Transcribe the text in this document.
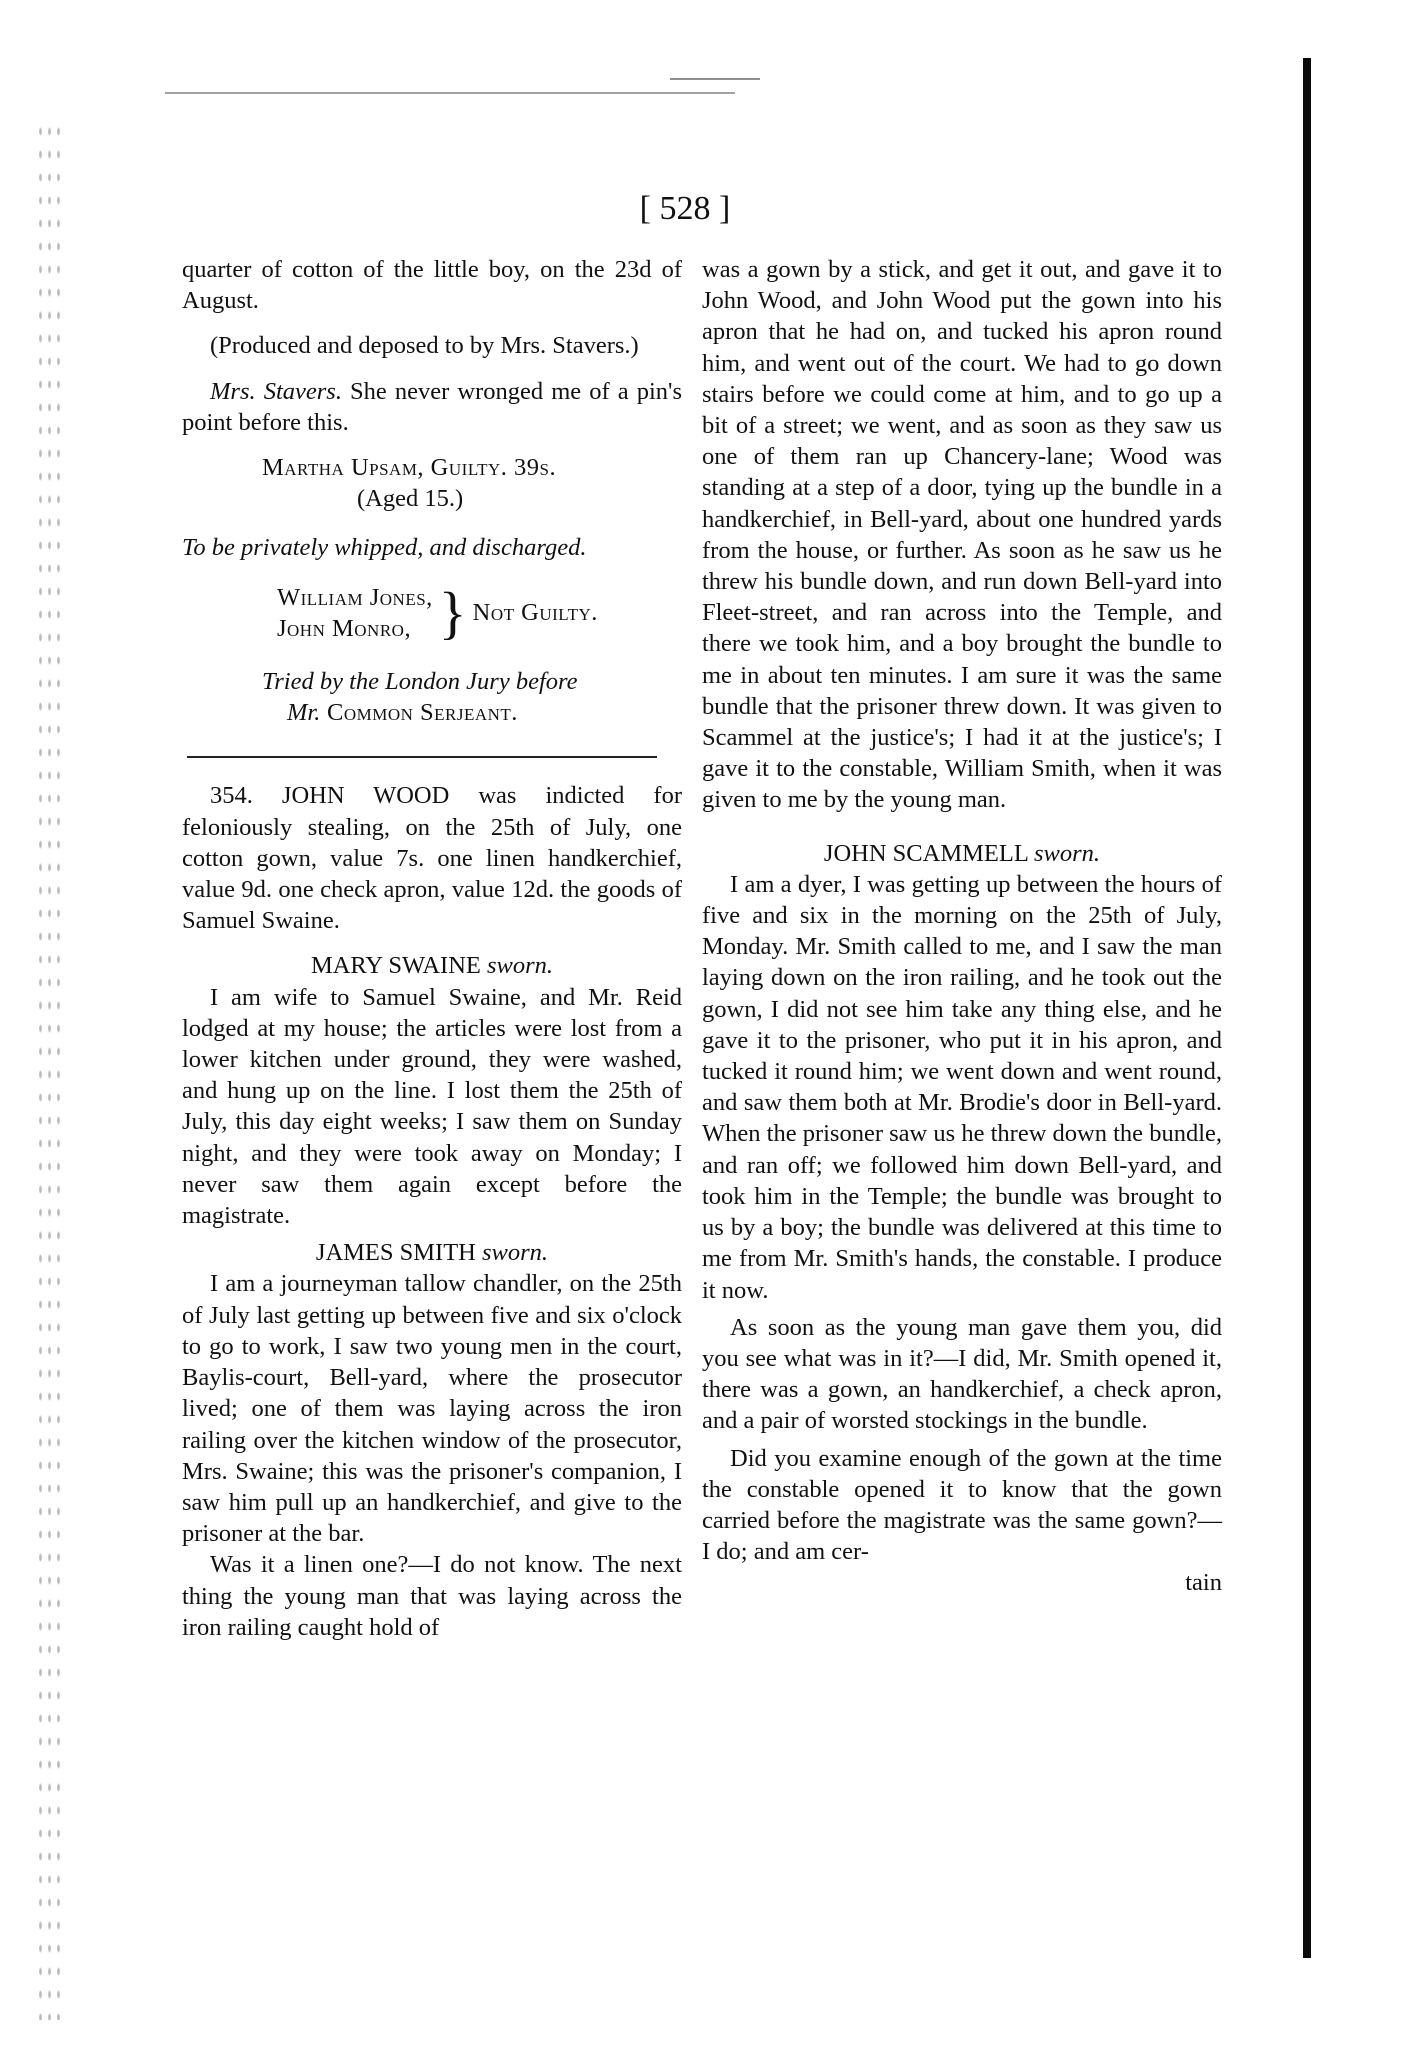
[ 528 ]

quarter of cotton of the little boy, on the 23d of August.

(Produced and deposed to by Mrs. Stavers.)

Mrs. Stavers. She never wronged me of a pin's point before this.

Martha Upsam, Guilty. 39s.

(Aged 15.)

To be privately whipped, and discharged.

William Jones,
John Monro, } Not Guilty.

Tried by the London Jury before

Mr. Common Serjeant.

354. JOHN WOOD was indicted for feloniously stealing, on the 25th of July, one cotton gown, value 7s. one linen handkerchief, value 9d. one check apron, value 12d. the goods of Samuel Swaine.

MARY SWAINE sworn.

I am wife to Samuel Swaine, and Mr. Reid lodged at my house; the articles were lost from a lower kitchen under ground, they were washed, and hung up on the line. I lost them the 25th of July, this day eight weeks; I saw them on Sunday night, and they were took away on Monday; I never saw them again except before the magistrate.

JAMES SMITH sworn.

I am a journeyman tallow chandler, on the 25th of July last getting up between five and six o'clock to go to work, I saw two young men in the court, Baylis-court, Bell-yard, where the prosecutor lived; one of them was laying across the iron railing over the kitchen window of the prosecutor, Mrs. Swaine; this was the prisoner's companion, I saw him pull up an handkerchief, and give to the prisoner at the bar.

Was it a linen one?—I do not know. The next thing the young man that was laying across the iron railing caught hold of

was a gown by a stick, and get it out, and gave it to John Wood, and John Wood put the gown into his apron that he had on, and tucked his apron round him, and went out of the court. We had to go down stairs before we could come at him, and to go up a bit of a street; we went, and as soon as they saw us one of them ran up Chancery-lane; Wood was standing at a step of a door, tying up the bundle in a handkerchief, in Bell-yard, about one hundred yards from the house, or further. As soon as he saw us he threw his bundle down, and run down Bell-yard into Fleet-street, and ran across into the Temple, and there we took him, and a boy brought the bundle to me in about ten minutes. I am sure it was the same bundle that the prisoner threw down. It was given to Scammel at the justice's; I had it at the justice's; I gave it to the constable, William Smith, when it was given to me by the young man.

JOHN SCAMMELL sworn.

I am a dyer, I was getting up between the hours of five and six in the morning on the 25th of July, Monday. Mr. Smith called to me, and I saw the man laying down on the iron railing, and he took out the gown, I did not see him take any thing else, and he gave it to the prisoner, who put it in his apron, and tucked it round him; we went down and went round, and saw them both at Mr. Brodie's door in Bell-yard. When the prisoner saw us he threw down the bundle, and ran off; we followed him down Bell-yard, and took him in the Temple; the bundle was brought to us by a boy; the bundle was delivered at this time to me from Mr. Smith's hands, the constable. I produce it now.

As soon as the young man gave them you, did you see what was in it?—I did, Mr. Smith opened it, there was a gown, an handkerchief, a check apron, and a pair of worsted stockings in the bundle.

Did you examine enough of the gown at the time the constable opened it to know that the gown carried before the magistrate was the same gown?—I do; and am cer-

tain
